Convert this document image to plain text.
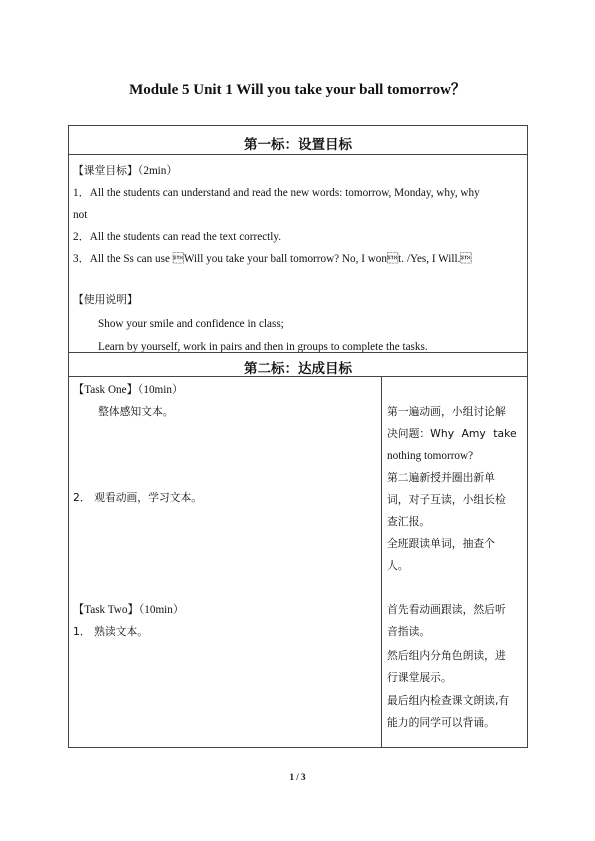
Module 5 Unit 1 Will you take your ball tomorrow？
第一标：设置目标
【课堂目标】（2min）
1．All the students can understand and read the new words: tomorrow, Monday, why, why
not
2．All the students can read the text correctly.
3．All the Ss can use Will you take your ball tomorrow? No, I wont. /Yes, I Will.
【使用说明】
Show your smile and confidence in class;
Learn by yourself, work in pairs and then in groups to complete the tasks.
第二标：达成目标
【Task One】（10min）
整体感知文本。
2． 观看动画，学习文本。
第一遍动画，小组讨论解
决问题：Why Amy take
nothing tomorrow?
第二遍新授并圈出新单
词，对子互读，小组长检
查汇报。
全班跟读单词，抽查个
人。
【Task Two】（10min）
1． 熟读文本。
首先看动画跟读，然后听
音指读。
然后组内分角色朗读，进
行课堂展示。
最后组内检查课文朗读,有
能力的同学可以背诵。
1 / 3
